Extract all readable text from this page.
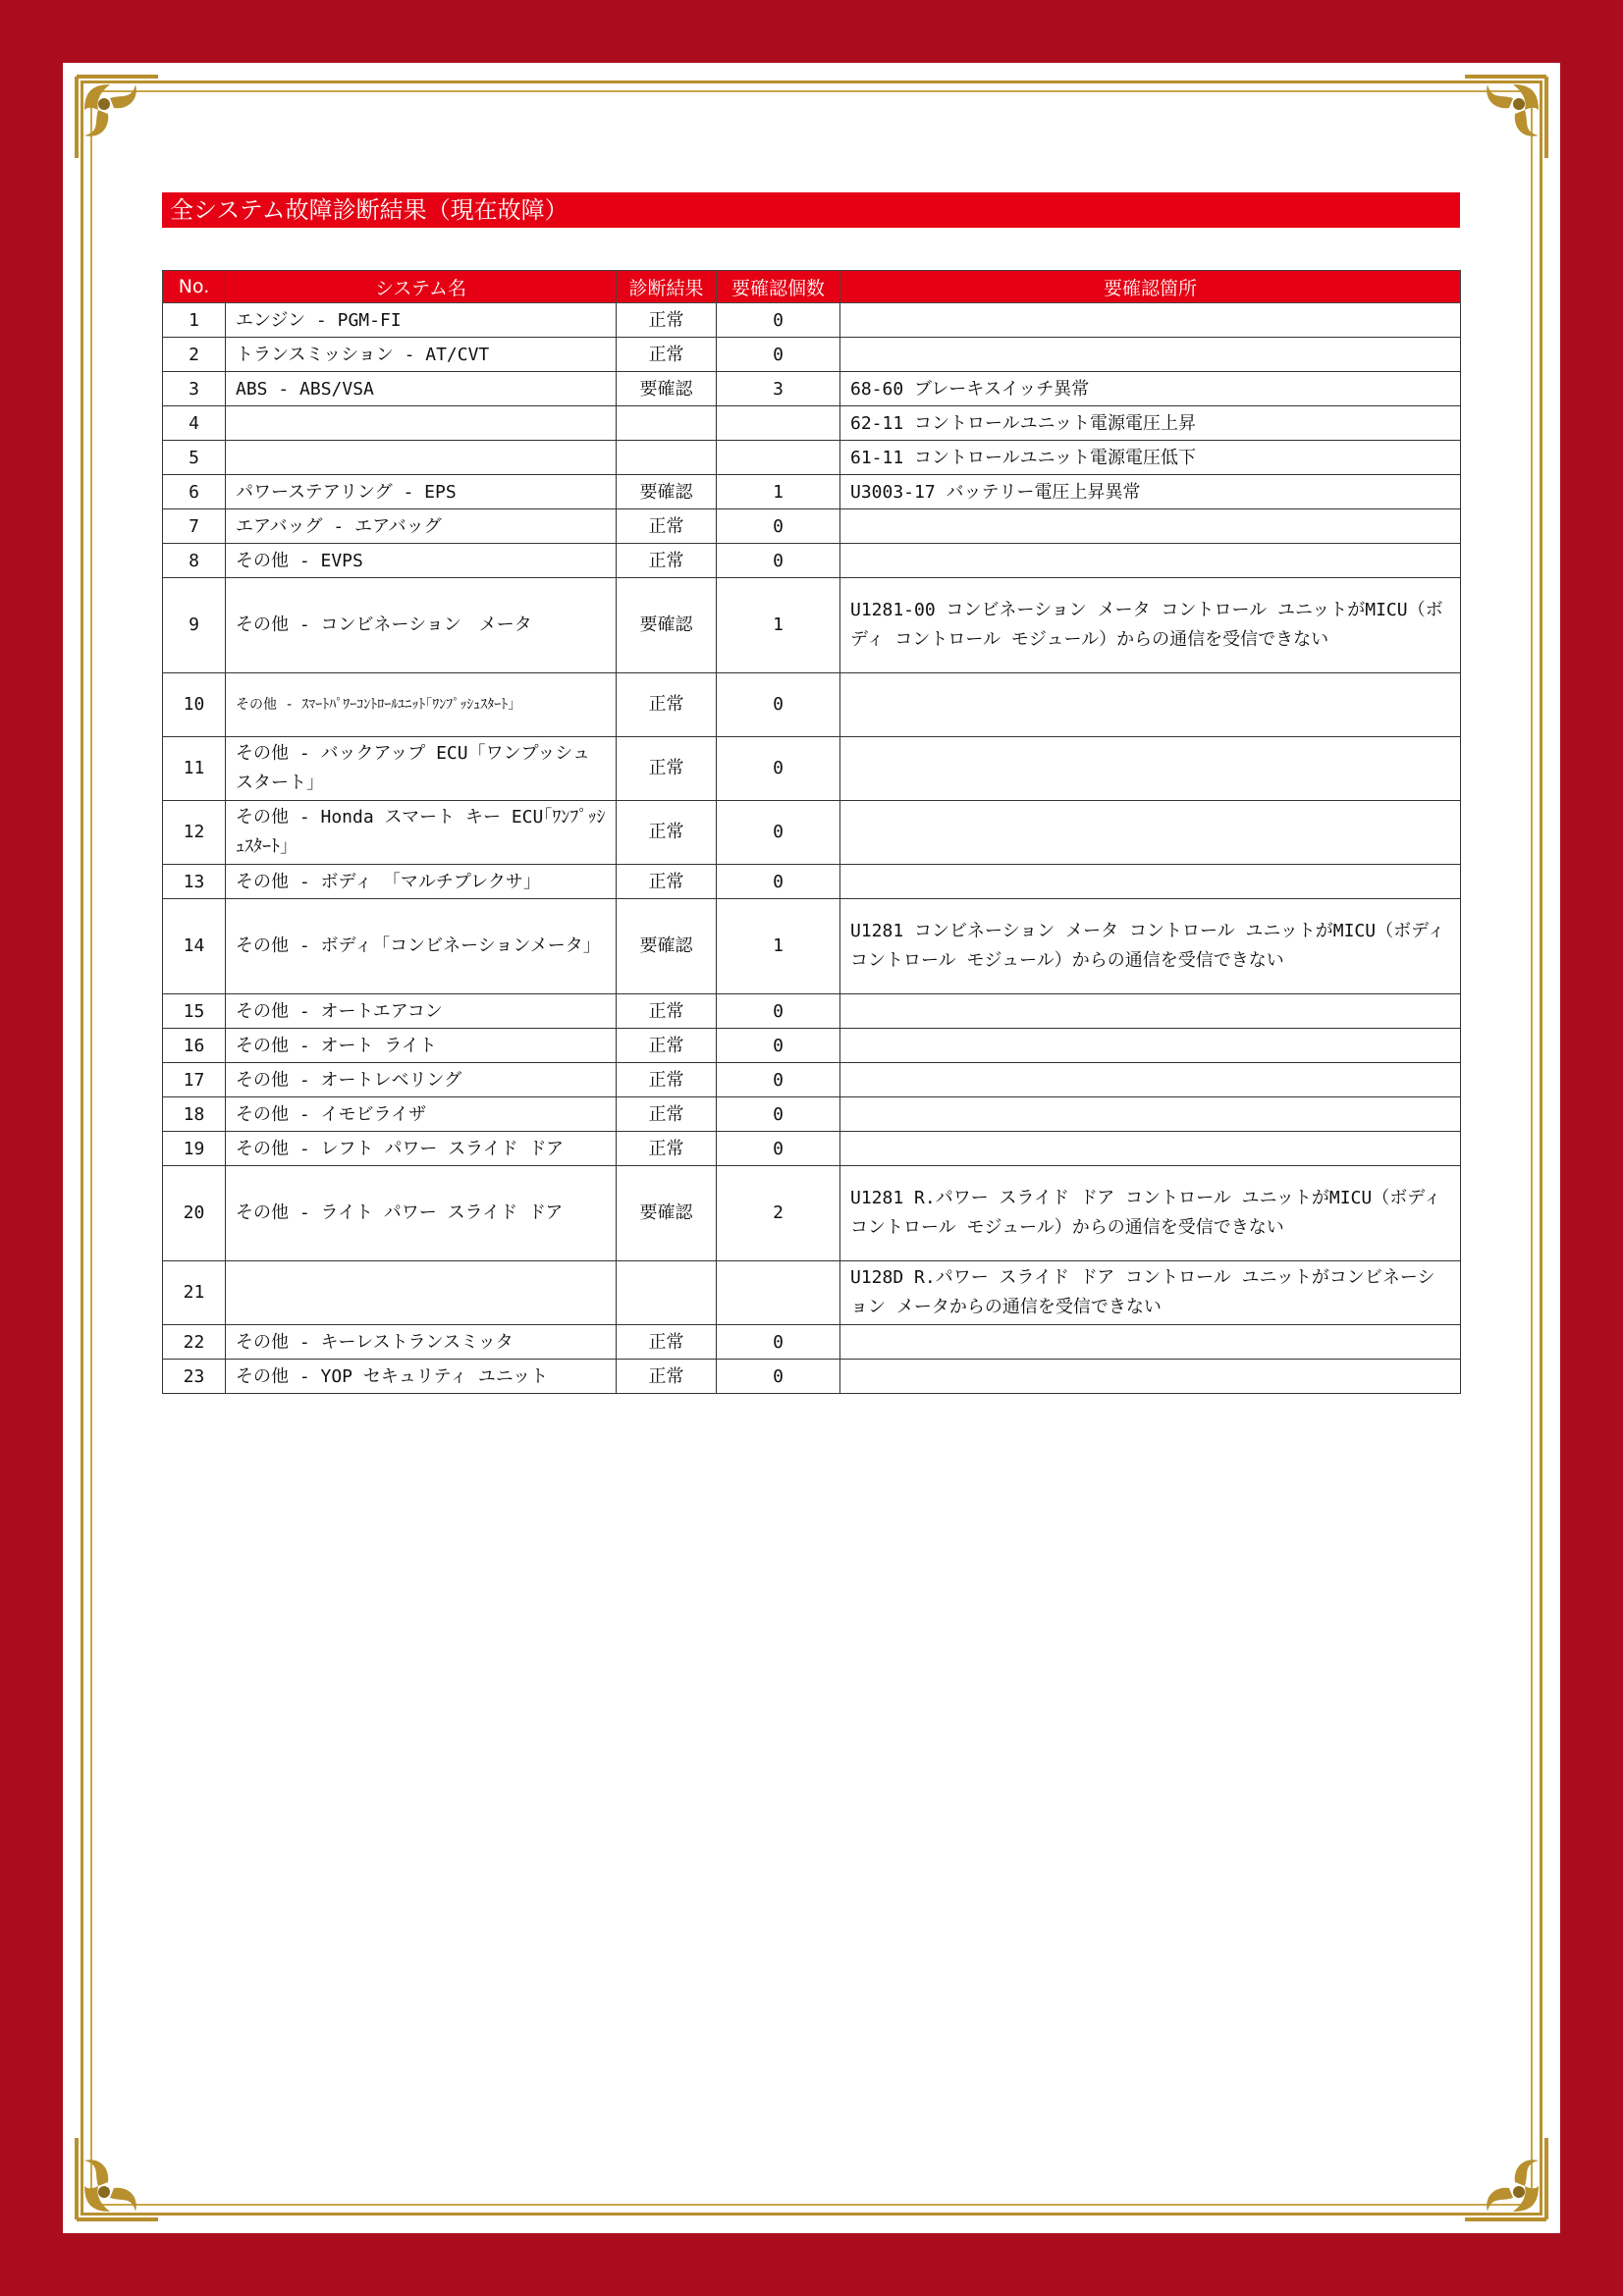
全システム故障診断結果（現在故障）
No.	システム名	診断結果	要確認個数	要確認箇所
1	エンジン - PGM-FI	正常	0	
2	トランスミッション - AT/CVT	正常	0	
3	ABS - ABS/VSA	要確認	3	68-60 ブレーキスイッチ異常
4				62-11 コントロールユニット電源電圧上昇
5				61-11 コントロールユニット電源電圧低下
6	パワーステアリング - EPS	要確認	1	U3003-17 バッテリー電圧上昇異常
7	エアバッグ - エアバッグ	正常	0	
8	その他 - EVPS	正常	0	
9	その他 - コンビネーション　メータ	要確認	1	U1281-00 コンビネーション メータ コントロール ユニットがMICU（ボディ コントロール モジュール）からの通信を受信できない
10	その他 - ｽﾏｰﾄﾊﾟﾜｰｺﾝﾄﾛｰﾙﾕﾆｯﾄ｢ﾜﾝﾌﾟｯｼｭｽﾀｰﾄ｣	正常	0	
11	その他 - バックアップ ECU「ワンプッシュスタート」	正常	0	
12	その他 - Honda スマート キー ECU｢ﾜﾝﾌﾟｯｼｭｽﾀｰﾄ｣	正常	0	
13	その他 - ボディ 「マルチプレクサ」	正常	0	
14	その他 - ボディ「コンビネーションメータ」	要確認	1	U1281 コンビネーション メータ コントロール ユニットがMICU（ボディ コントロール モジュール）からの通信を受信できない
15	その他 - オートエアコン	正常	0	
16	その他 - オート ライト	正常	0	
17	その他 - オートレベリング	正常	0	
18	その他 - イモビライザ	正常	0	
19	その他 - レフト パワー スライド ドア	正常	0	
20	その他 - ライト パワー スライド ドア	要確認	2	U1281 R.パワー スライド ドア コントロール ユニットがMICU（ボディ コントロール モジュール）からの通信を受信できない
21				U128D R.パワー スライド ドア コントロール ユニットがコンビネーション メータからの通信を受信できない
22	その他 - キーレストランスミッタ	正常	0	
23	その他 - YOP セキュリティ ユニット	正常	0	
